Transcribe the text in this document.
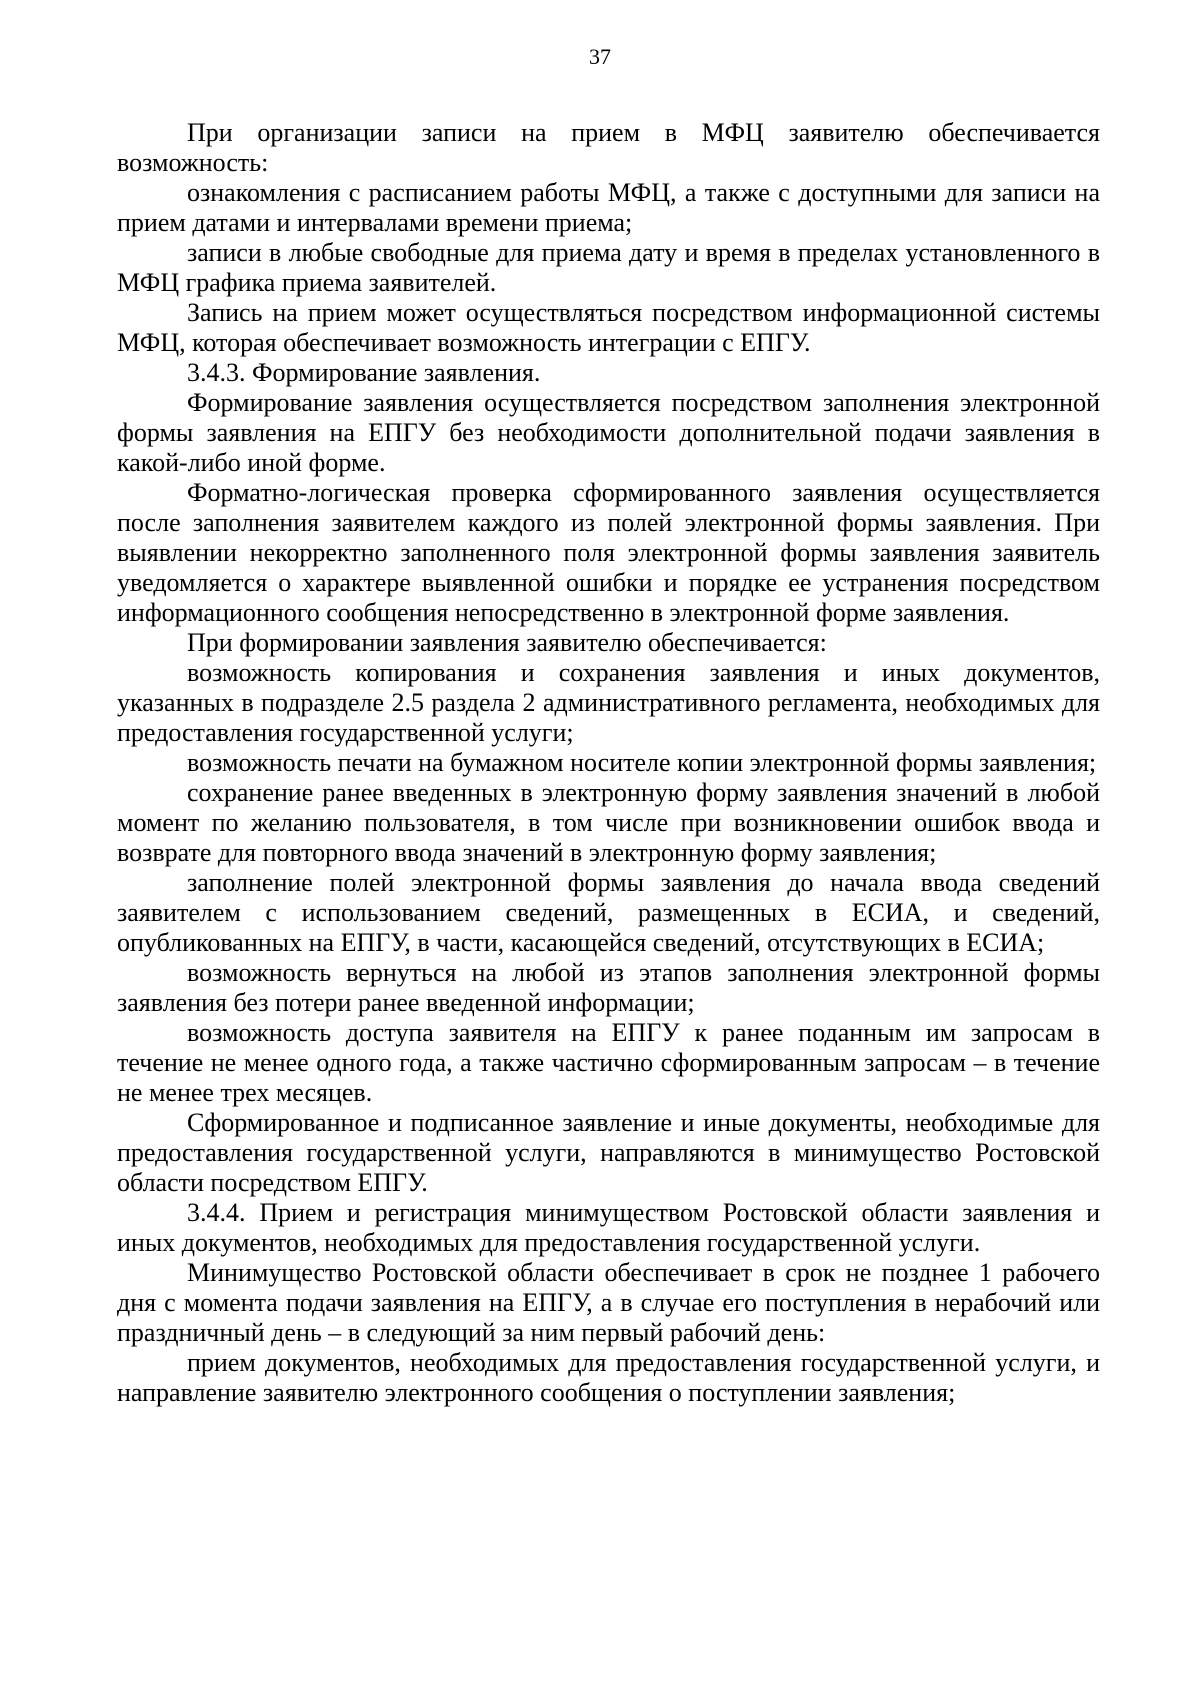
37

При организации записи на прием в МФЦ заявителю обеспечивается возможность:

ознакомления с расписанием работы МФЦ, а также с доступными для записи на прием датами и интервалами времени приема;

записи в любые свободные для приема дату и время в пределах установленного в МФЦ графика приема заявителей.

Запись на прием может осуществляться посредством информационной системы МФЦ, которая обеспечивает возможность интеграции с ЕПГУ.

3.4.3. Формирование заявления.

Формирование заявления осуществляется посредством заполнения электронной формы заявления на ЕПГУ без необходимости дополнительной подачи заявления в какой-либо иной форме.

Форматно-логическая проверка сформированного заявления осуществляется после заполнения заявителем каждого из полей электронной формы заявления. При выявлении некорректно заполненного поля электронной формы заявления заявитель уведомляется о характере выявленной ошибки и порядке ее устранения посредством информационного сообщения непосредственно в электронной форме заявления.

При формировании заявления заявителю обеспечивается:

возможность копирования и сохранения заявления и иных документов, указанных в подразделе 2.5 раздела 2 административного регламента, необходимых для предоставления государственной услуги;

возможность печати на бумажном носителе копии электронной формы заявления;

сохранение ранее введенных в электронную форму заявления значений в любой момент по желанию пользователя, в том числе при возникновении ошибок ввода и возврате для повторного ввода значений в электронную форму заявления;

заполнение полей электронной формы заявления до начала ввода сведений заявителем с использованием сведений, размещенных в ЕСИА, и сведений, опубликованных на ЕПГУ, в части, касающейся сведений, отсутствующих в ЕСИА;

возможность вернуться на любой из этапов заполнения электронной формы заявления без потери ранее введенной информации;

возможность доступа заявителя на ЕПГУ к ранее поданным им запросам в течение не менее одного года, а также частично сформированным запросам – в течение не менее трех месяцев.

Сформированное и подписанное заявление и иные документы, необходимые для предоставления государственной услуги, направляются в минимущество Ростовской области посредством ЕПГУ.

3.4.4. Прием и регистрация минимуществом Ростовской области заявления и иных документов, необходимых для предоставления государственной услуги.

Минимущество Ростовской области обеспечивает в срок не позднее 1 рабочего дня с момента подачи заявления на ЕПГУ, а в случае его поступления в нерабочий или праздничный день – в следующий за ним первый рабочий день:

прием документов, необходимых для предоставления государственной услуги, и направление заявителю электронного сообщения о поступлении заявления;
